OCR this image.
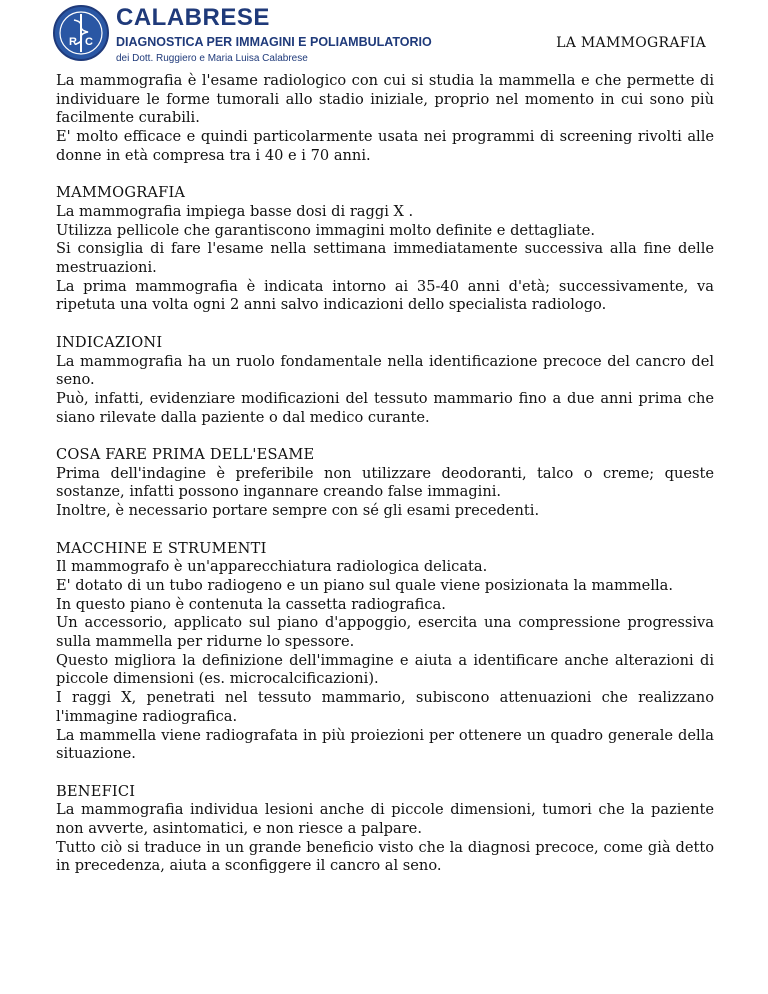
R C
CALABRESE
DIAGNOSTICA PER IMMAGINI E POLIAMBULATORIO
dei Dott. Ruggiero e Maria Luisa Calabrese
LA MAMMOGRAFIA

La mammografia è l'esame radiologico con cui si studia la mammella e che permette di individuare le forme tumorali allo stadio iniziale, proprio nel momento in cui sono più facilmente curabili.

E' molto efficace e quindi particolarmente usata nei programmi di screening rivolti alle donne in età compresa tra i 40 e i 70 anni.

MAMMOGRAFIA

La mammografia impiega basse dosi di raggi X .

Utilizza pellicole che garantiscono immagini molto definite e dettagliate.

Si consiglia di fare l'esame nella settimana immediatamente successiva alla fine delle mestruazioni.

La prima mammografia è indicata intorno ai 35-40 anni d'età; successivamente, va ripetuta una volta ogni 2 anni salvo indicazioni dello specialista radiologo.

INDICAZIONI

La mammografia ha un ruolo fondamentale nella identificazione precoce del cancro del seno.

Può, infatti, evidenziare modificazioni del tessuto mammario fino a due anni prima che siano rilevate dalla paziente o dal medico curante.

COSA FARE PRIMA DELL'ESAME

Prima dell'indagine è preferibile non utilizzare deodoranti, talco o creme; queste sostanze, infatti possono ingannare creando false immagini.

Inoltre, è necessario portare sempre con sé gli esami precedenti.

MACCHINE E STRUMENTI

Il mammografo è un'apparecchiatura radiologica delicata.

E' dotato di un tubo radiogeno e un piano sul quale viene posizionata la mammella.

In questo piano è contenuta la cassetta radiografica.

Un accessorio, applicato sul piano d'appoggio, esercita una compressione progressiva sulla mammella per ridurne lo spessore.

Questo migliora la definizione dell'immagine e aiuta a identificare anche alterazioni di piccole dimensioni (es. microcalcificazioni).

I raggi X, penetrati nel tessuto mammario, subiscono attenuazioni che realizzano l'immagine radiografica.

La mammella viene radiografata in più proiezioni per ottenere un quadro generale della situazione.

BENEFICI

La mammografia individua lesioni anche di piccole dimensioni, tumori che la paziente non avverte, asintomatici, e non riesce a palpare.

Tutto ciò si traduce in un grande beneficio visto che la diagnosi precoce, come già detto in precedenza, aiuta a sconfiggere il cancro al seno.
